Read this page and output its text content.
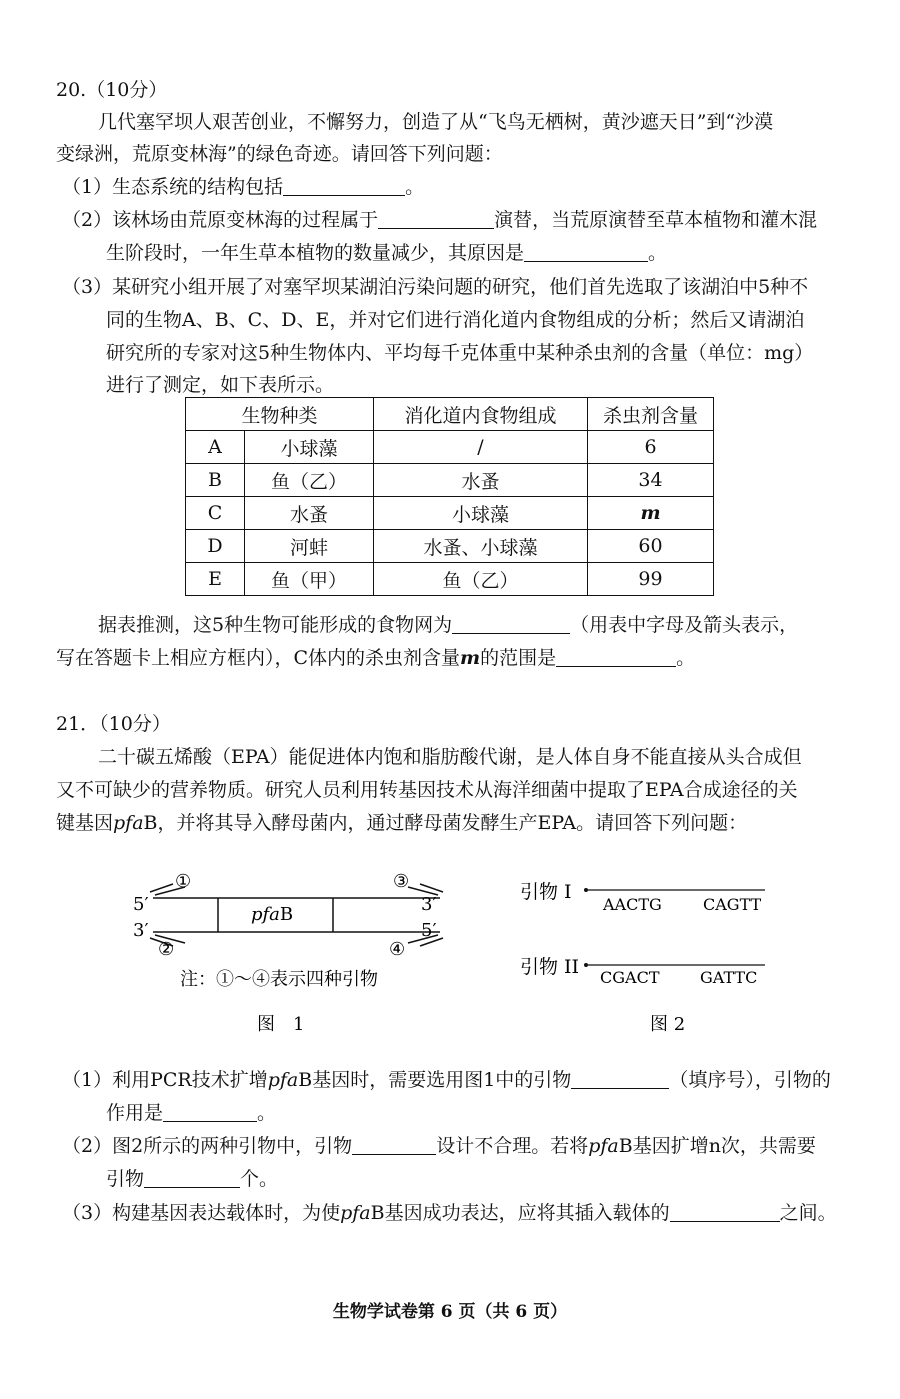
20.（10分）
几代塞罕坝人艰苦创业，不懈努力，创造了从“飞鸟无栖树，黄沙遮天日”到“沙漠
变绿洲，荒原变林海”的绿色奇迹。请回答下列问题：
（1）生态系统的结构包括	。
（2）该林场由荒原变林海的过程属于	演替，当荒原演替至草本植物和灌木混
生阶段时，一年生草本植物的数量减少，其原因是	。
（3）某研究小组开展了对塞罕坝某湖泊污染问题的研究，他们首先选取了该湖泊中5种不
同的生物A、B、C、D、E，并对它们进行消化道内食物组成的分析；然后又请湖泊
研究所的专家对这5种生物体内、平均每千克体重中某种杀虫剂的含量（单位：mg）
进行了测定，如下表所示。
生物种类		消化道内食物组成	杀虫剂含量
A	小球藻	/	6
B	鱼（乙）	水蚤	34
C	水蚤	小球藻	m
D	河蚌	水蚤、小球藻	60
E	鱼（甲）	鱼（乙）	99
据表推测，这5种生物可能形成的食物网为	（用表中字母及箭头表示，
写在答题卡上相应方框内），C体内的杀虫剂含量m的范围是	。
21．（10分）
二十碳五烯酸（EPA）能促进体内饱和脂肪酸代谢，是人体自身不能直接从头合成但
又不可缺少的营养物质。研究人员利用转基因技术从海洋细菌中提取了EPA合成途径的关
键基因pfaB，并将其导入酵母菌内，通过酵母菌发酵生产EPA。请回答下列问题：
①
②
③
④
5′
3′
3′
5′
pfaB
注：①～④表示四种引物
图　1
引物 I
AACTG	CAGTT
引物 II CGACT	GATTC
图 2
（1）利用PCR技术扩增pfaB基因时，需要选用图1中的引物	（填序号），引物的
作用是	。
（2）图2所示的两种引物中，引物	设计不合理。若将pfaB基因扩增n次，共需要
引物	个。
（3）构建基因表达载体时，为使pfaB基因成功表达，应将其插入载体的	之间。
生物学试卷第 6 页（共 6 页）
